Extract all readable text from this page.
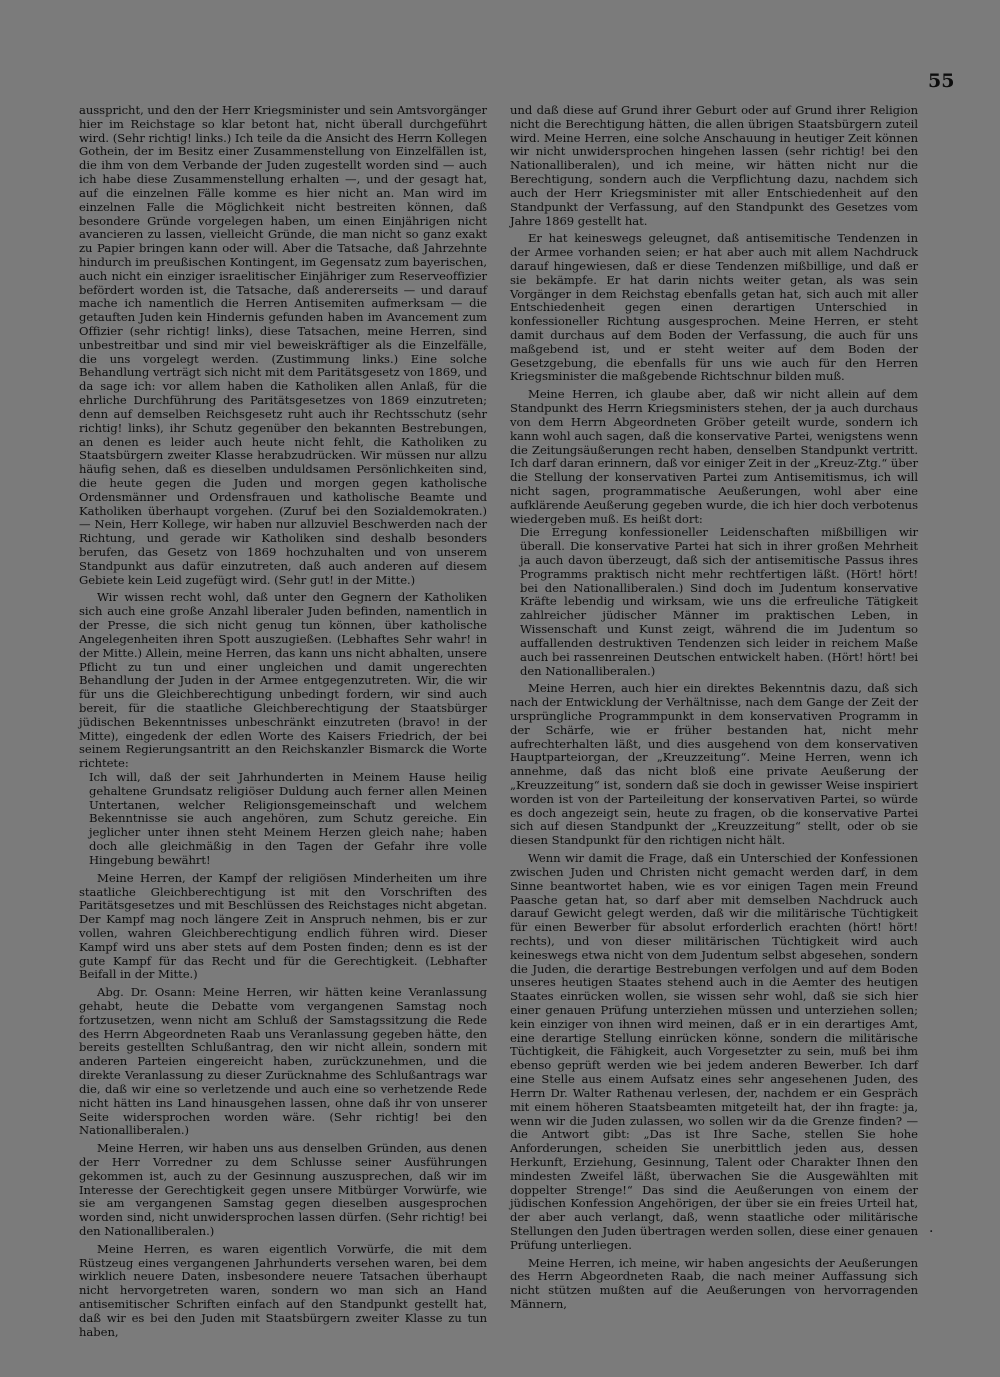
55

ausspricht, und den der Herr Kriegsminister und sein Amtsvorgänger hier im Reichstage so klar betont hat, nicht überall durchgeführt wird. (Sehr richtig! links.) Ich teile da die Ansicht des Herrn Kollegen Gothein, der im Besitz einer Zusammenstellung von Einzelfällen ist, die ihm von dem Verbande der Juden zugestellt worden sind — auch ich habe diese Zusammenstellung erhalten —, und der gesagt hat, auf die einzelnen Fälle komme es hier nicht an. Man wird im einzelnen Falle die Möglichkeit nicht bestreiten können, daß besondere Gründe vorgelegen haben, um einen Einjährigen nicht avancieren zu lassen, vielleicht Gründe, die man nicht so ganz exakt zu Papier bringen kann oder will. Aber die Tatsache, daß Jahrzehnte hindurch im preußischen Kontingent, im Gegensatz zum bayerischen, auch nicht ein einziger israelitischer Einjähriger zum Reserveoffizier befördert worden ist, die Tatsache, daß andererseits — und darauf mache ich namentlich die Herren Antisemiten aufmerksam — die getauften Juden kein Hindernis gefunden haben im Avancement zum Offizier (sehr richtig! links), diese Tatsachen, meine Herren, sind unbestreitbar und sind mir viel beweiskräftiger als die Einzelfälle, die uns vorgelegt werden. (Zustimmung links.) Eine solche Behandlung verträgt sich nicht mit dem Paritätsgesetz von 1869, und da sage ich: vor allem haben die Katholiken allen Anlaß, für die ehrliche Durchführung des Paritätsgesetzes von 1869 einzutreten; denn auf demselben Reichsgesetz ruht auch ihr Rechtsschutz (sehr richtig! links), ihr Schutz gegenüber den bekannten Bestrebungen, an denen es leider auch heute nicht fehlt, die Katholiken zu Staatsbürgern zweiter Klasse herabzudrücken. Wir müssen nur allzu häufig sehen, daß es dieselben unduldsamen Persönlichkeiten sind, die heute gegen die Juden und morgen gegen katholische Ordensmänner und Ordensfrauen und katholische Beamte und Katholiken überhaupt vorgehen. (Zuruf bei den Sozialdemokraten.) — Nein, Herr Kollege, wir haben nur allzuviel Beschwerden nach der Richtung, und gerade wir Katholiken sind deshalb besonders berufen, das Gesetz von 1869 hochzuhalten und von unserem Standpunkt aus dafür einzutreten, daß auch anderen auf diesem Gebiete kein Leid zugefügt wird. (Sehr gut! in der Mitte.)

Wir wissen recht wohl, daß unter den Gegnern der Katholiken sich auch eine große Anzahl liberaler Juden befinden, namentlich in der Presse, die sich nicht genug tun können, über katholische Angelegenheiten ihren Spott auszugießen. (Lebhaftes Sehr wahr! in der Mitte.) Allein, meine Herren, das kann uns nicht abhalten, unsere Pflicht zu tun und einer ungleichen und damit ungerechten Behandlung der Juden in der Armee entgegenzutreten. Wir, die wir für uns die Gleichberechtigung unbedingt fordern, wir sind auch bereit, für die staatliche Gleichberechtigung der Staatsbürger jüdischen Bekenntnisses unbeschränkt einzutreten (bravo! in der Mitte), eingedenk der edlen Worte des Kaisers Friedrich, der bei seinem Regierungsantritt an den Reichskanzler Bismarck die Worte richtete:

Ich will, daß der seit Jahrhunderten in Meinem Hause heilig gehaltene Grundsatz religiöser Duldung auch ferner allen Meinen Untertanen, welcher Religionsgemeinschaft und welchem Bekenntnisse sie auch angehören, zum Schutz gereiche. Ein jeglicher unter ihnen steht Meinem Herzen gleich nahe; haben doch alle gleichmäßig in den Tagen der Gefahr ihre volle Hingebung bewährt!

Meine Herren, der Kampf der religiösen Minderheiten um ihre staatliche Gleichberechtigung ist mit den Vorschriften des Paritätsgesetzes und mit Beschlüssen des Reichstages nicht abgetan. Der Kampf mag noch längere Zeit in Anspruch nehmen, bis er zur vollen, wahren Gleichberechtigung endlich führen wird. Dieser Kampf wird uns aber stets auf dem Posten finden; denn es ist der gute Kampf für das Recht und für die Gerechtigkeit. (Lebhafter Beifall in der Mitte.)

Abg. Dr. Osann: Meine Herren, wir hätten keine Veranlassung gehabt, heute die Debatte vom vergangenen Samstag noch fortzusetzen, wenn nicht am Schluß der Samstagssitzung die Rede des Herrn Abgeordneten Raab uns Veranlassung gegeben hätte, den bereits gestellten Schlußantrag, den wir nicht allein, sondern mit anderen Parteien eingereicht haben, zurückzunehmen, und die direkte Veranlassung zu dieser Zurücknahme des Schlußantrags war die, daß wir eine so verletzende und auch eine so verhetzende Rede nicht hätten ins Land hinausgehen lassen, ohne daß ihr von unserer Seite widersprochen worden wäre. (Sehr richtig! bei den Nationalliberalen.)

Meine Herren, wir haben uns aus denselben Gründen, aus denen der Herr Vorredner zu dem Schlusse seiner Ausführungen gekommen ist, auch zu der Gesinnung auszusprechen, daß wir im Interesse der Gerechtigkeit gegen unsere Mitbürger Vorwürfe, wie sie am vergangenen Samstag gegen dieselben ausgesprochen worden sind, nicht unwidersprochen lassen dürfen. (Sehr richtig! bei den Nationalliberalen.)

Meine Herren, es waren eigentlich Vorwürfe, die mit dem Rüstzeug eines vergangenen Jahrhunderts versehen waren, bei dem wirklich neuere Daten, insbesondere neuere Tatsachen überhaupt nicht hervorgetreten waren, sondern wo man sich an Hand antisemitischer Schriften einfach auf den Standpunkt gestellt hat, daß wir es bei den Juden mit Staatsbürgern zweiter Klasse zu tun haben,

und daß diese auf Grund ihrer Geburt oder auf Grund ihrer Religion nicht die Berechtigung hätten, die allen übrigen Staatsbürgern zuteil wird. Meine Herren, eine solche Anschauung in heutiger Zeit können wir nicht unwidersprochen hingehen lassen (sehr richtig! bei den Nationalliberalen), und ich meine, wir hätten nicht nur die Berechtigung, sondern auch die Verpflichtung dazu, nachdem sich auch der Herr Kriegsminister mit aller Entschiedenheit auf den Standpunkt der Verfassung, auf den Standpunkt des Gesetzes vom Jahre 1869 gestellt hat.

Er hat keineswegs geleugnet, daß antisemitische Tendenzen in der Armee vorhanden seien; er hat aber auch mit allem Nachdruck darauf hingewiesen, daß er diese Tendenzen mißbillige, und daß er sie bekämpfe. Er hat darin nichts weiter getan, als was sein Vorgänger in dem Reichstag ebenfalls getan hat, sich auch mit aller Entschiedenheit gegen einen derartigen Unterschied in konfessioneller Richtung ausgesprochen. Meine Herren, er steht damit durchaus auf dem Boden der Verfassung, die auch für uns maßgebend ist, und er steht weiter auf dem Boden der Gesetzgebung, die ebenfalls für uns wie auch für den Herren Kriegsminister die maßgebende Richtschnur bilden muß.

Meine Herren, ich glaube aber, daß wir nicht allein auf dem Standpunkt des Herrn Kriegsministers stehen, der ja auch durchaus von dem Herrn Abgeordneten Gröber geteilt wurde, sondern ich kann wohl auch sagen, daß die konservative Partei, wenigstens wenn die Zeitungsäußerungen recht haben, denselben Standpunkt vertritt. Ich darf daran erinnern, daß vor einiger Zeit in der „Kreuz-Ztg.“ über die Stellung der konservativen Partei zum Antisemitismus, ich will nicht sagen, programmatische Aeußerungen, wohl aber eine aufklärende Aeußerung gegeben wurde, die ich hier doch verbotenus wiedergeben muß. Es heißt dort:

Die Erregung konfessioneller Leidenschaften mißbilligen wir überall. Die konservative Partei hat sich in ihrer großen Mehrheit ja auch davon überzeugt, daß sich der antisemitische Passus ihres Programms praktisch nicht mehr rechtfertigen läßt. (Hört! hört! bei den Nationalliberalen.) Sind doch im Judentum konservative Kräfte lebendig und wirksam, wie uns die erfreuliche Tätigkeit zahlreicher jüdischer Männer im praktischen Leben, in Wissenschaft und Kunst zeigt, während die im Judentum so auffallenden destruktiven Tendenzen sich leider in reichem Maße auch bei rassenreinen Deutschen entwickelt haben. (Hört! hört! bei den Nationalliberalen.)

Meine Herren, auch hier ein direktes Bekenntnis dazu, daß sich nach der Entwicklung der Verhältnisse, nach dem Gange der Zeit der ursprüngliche Programmpunkt in dem konservativen Programm in der Schärfe, wie er früher bestanden hat, nicht mehr aufrechterhalten läßt, und dies ausgehend von dem konservativen Hauptparteiorgan, der „Kreuzzeitung“. Meine Herren, wenn ich annehme, daß das nicht bloß eine private Aeußerung der „Kreuzzeitung“ ist, sondern daß sie doch in gewisser Weise inspiriert worden ist von der Parteileitung der konservativen Partei, so würde es doch angezeigt sein, heute zu fragen, ob die konservative Partei sich auf diesen Standpunkt der „Kreuzzeitung“ stellt, oder ob sie diesen Standpunkt für den richtigen nicht hält.

Wenn wir damit die Frage, daß ein Unterschied der Konfessionen zwischen Juden und Christen nicht gemacht werden darf, in dem Sinne beantwortet haben, wie es vor einigen Tagen mein Freund Paasche getan hat, so darf aber mit demselben Nachdruck auch darauf Gewicht gelegt werden, daß wir die militärische Tüchtigkeit für einen Bewerber für absolut erforderlich erachten (hört! hört! rechts), und von dieser militärischen Tüchtigkeit wird auch keineswegs etwa nicht von dem Judentum selbst abgesehen, sondern die Juden, die derartige Bestrebungen verfolgen und auf dem Boden unseres heutigen Staates stehend auch in die Aemter des heutigen Staates einrücken wollen, sie wissen sehr wohl, daß sie sich hier einer genauen Prüfung unterziehen müssen und unterziehen sollen; kein einziger von ihnen wird meinen, daß er in ein derartiges Amt, eine derartige Stellung einrücken könne, sondern die militärische Tüchtigkeit, die Fähigkeit, auch Vorgesetzter zu sein, muß bei ihm ebenso geprüft werden wie bei jedem anderen Bewerber. Ich darf eine Stelle aus einem Aufsatz eines sehr angesehenen Juden, des Herrn Dr. Walter Rathenau verlesen, der, nachdem er ein Gespräch mit einem höheren Staatsbeamten mitgeteilt hat, der ihn fragte: ja, wenn wir die Juden zulassen, wo sollen wir da die Grenze finden? — die Antwort gibt: „Das ist Ihre Sache, stellen Sie hohe Anforderungen, scheiden Sie unerbittlich jeden aus, dessen Herkunft, Erziehung, Gesinnung, Talent oder Charakter Ihnen den mindesten Zweifel läßt, überwachen Sie die Ausgewählten mit doppelter Strenge!“ Das sind die Aeußerungen von einem der jüdischen Konfession Angehörigen, der über sie ein freies Urteil hat, der aber auch verlangt, daß, wenn staatliche oder militärische Stellungen den Juden übertragen werden sollen, diese einer genauen Prüfung unterliegen.

Meine Herren, ich meine, wir haben angesichts der Aeußerungen des Herrn Abgeordneten Raab, die nach meiner Auffassung sich nicht stützen mußten auf die Aeußerungen von hervorragenden Männern,

·
